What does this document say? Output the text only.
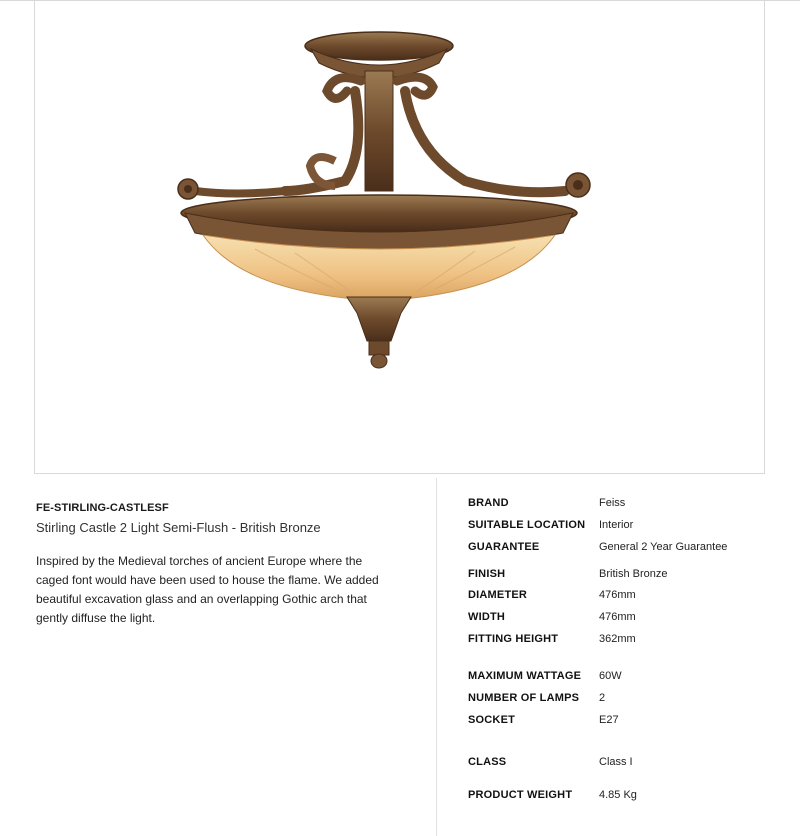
FE-STIRLING-CASTLESF
Stirling Castle 2 Light Semi-Flush - British Bronze
Inspired by the Medieval torches of ancient Europe where the caged font would have been used to house the flame. We added beautiful excavation glass and an overlapping Gothic arch that gently diffuse the light.
BRAND	Feiss
SUITABLE LOCATION Interior
GUARANTEE	General 2 Year Guarantee
FINISH	British Bronze
DIAMETER	476mm
WIDTH	476mm
FITTING HEIGHT	362mm
MAXIMUM WATTAGE 60W
NUMBER OF LAMPS 2
SOCKET	E27
CLASS	Class I
PRODUCT WEIGHT 4.85 Kg
